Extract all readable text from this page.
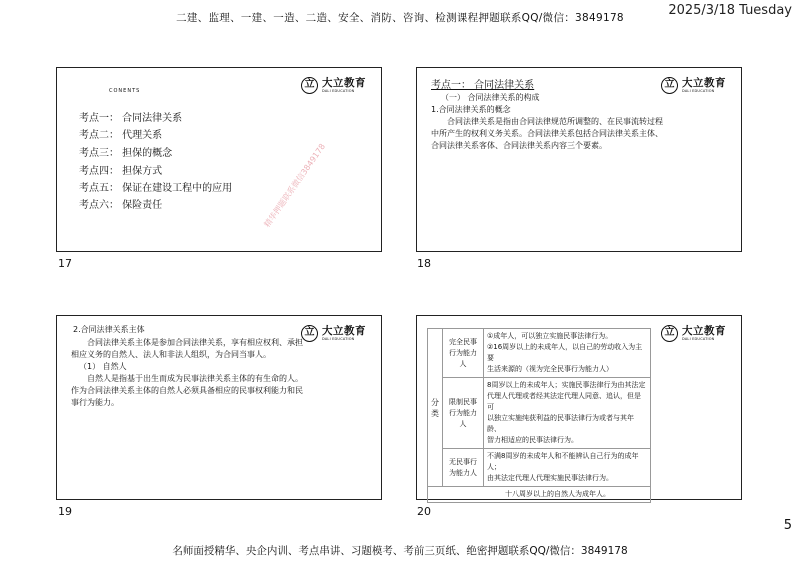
二建、监理、一建、一造、二造、安全、消防、咨询、检测课程押题联系QQ/微信：3849178	2025/3/18 Tuesday
立 大立教育
DALI EDUCATION
CONENTS
考点一： 合同法律关系
考点二： 代理关系
考点三： 担保的概念
考点四： 担保方式
考点五： 保证在建设工程中的应用
考点六： 保险责任	精华押题联系微信3849178
17
立 大立教育
DALI EDUCATION
考点一： 合同法律关系
（一） 合同法律关系的构成
1.合同法律关系的概念
合同法律关系是指由合同法律规范所调整的、在民事流转过程
中所产生的权利义务关系。合同法律关系包括合同法律关系主体、
合同法律关系客体、合同法律关系内容三个要素。
18
立 大立教育
DALI EDUCATION
2.合同法律关系主体
合同法律关系主体是参加合同法律关系，享有相应权利、承担
相应义务的自然人、法人和非法人组织，为合同当事人。
（1） 自然人
自然人是指基于出生而成为民事法律关系主体的有生命的人。
作为合同法律关系主体的自然人必须具备相应的民事权利能力和民
事行为能力。
19
立 大立教育
DALI EDUCATION
分类	完全民事行为能力人	①成年人，可以独立实施民事法律行为。
②16周岁以上的未成年人，以自己的劳动收入为主要
生活来源的（视为完全民事行为能力人）

	限制民事行为能力人	8周岁以上的未成年人；实施民事法律行为由其法定
代理人代理或者经其法定代理人同意、追认，但是可
以独立实施纯获利益的民事法律行为或者与其年龄、
智力相适应的民事法律行为。

	无民事行为能力人	不满8周岁的未成年人和不能辨认自己行为的成年人；
由其法定代理人代理实施民事法律行为。

十八周岁以上的自然人为成年人。		
20
5
名师面授精华、央企内训、考点串讲、习题模考、考前三页纸、绝密押题联系QQ/微信：3849178
